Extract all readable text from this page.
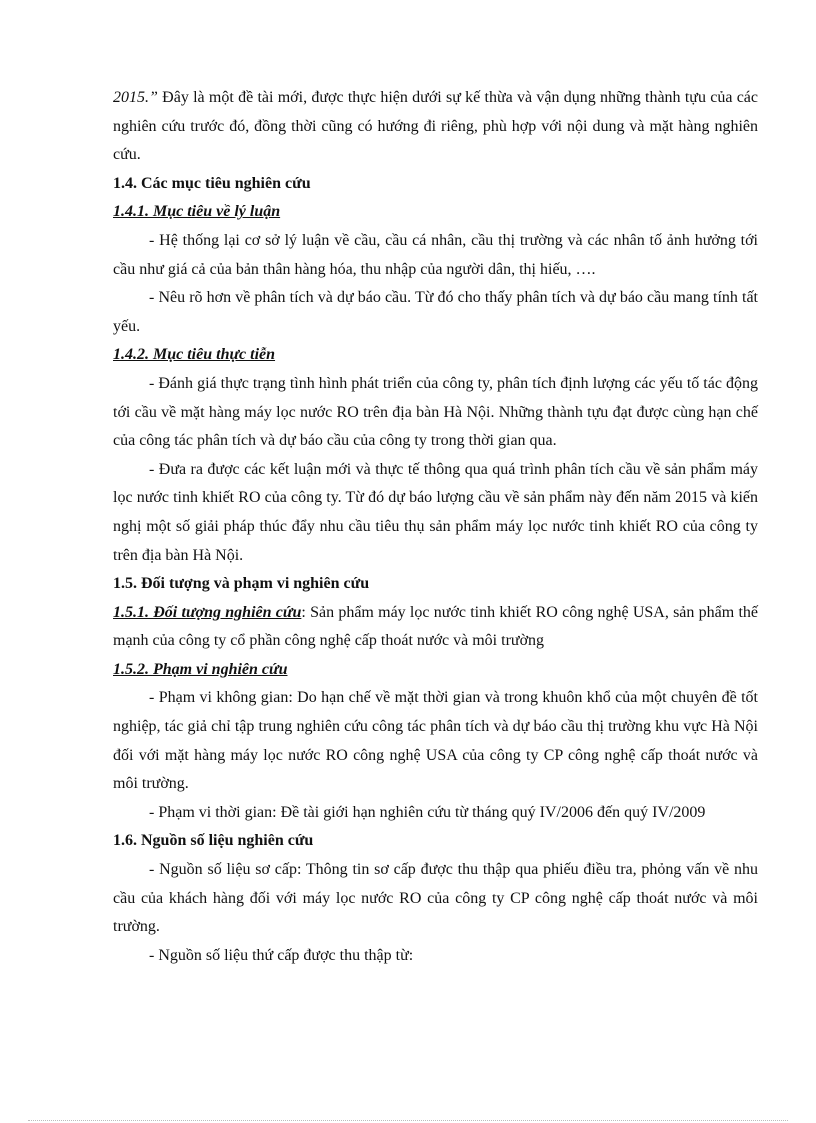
2015.” Đây là một đề tài mới, được thực hiện dưới sự kế thừa và vận dụng những thành tựu của các nghiên cứu trước đó, đồng thời cũng có hướng đi riêng, phù hợp với nội dung và mặt hàng nghiên cứu.

1.4. Các mục tiêu nghiên cứu

1.4.1. Mục tiêu về lý luận

- Hệ thống lại cơ sở lý luận về cầu, cầu cá nhân, cầu thị trường và các nhân tố ảnh hưởng tới cầu như giá cả của bản thân hàng hóa, thu nhập của người dân, thị hiếu, ….

- Nêu rõ hơn về phân tích và dự báo cầu. Từ đó cho thấy phân tích và dự báo cầu mang tính tất yếu.

1.4.2. Mục tiêu thực tiễn

- Đánh giá thực trạng tình hình phát triển của công ty, phân tích định lượng các yếu tố tác động tới cầu về mặt hàng máy lọc nước RO trên địa bàn Hà Nội. Những thành tựu đạt được cùng hạn chế của công tác phân tích và dự báo cầu của công ty trong thời gian qua.

- Đưa ra được các kết luận mới và thực tế thông qua quá trình phân tích cầu về sản phẩm máy lọc nước tinh khiết RO của công ty. Từ đó dự báo lượng cầu về sản phẩm này đến năm 2015 và kiến nghị một số giải pháp thúc đẩy nhu cầu tiêu thụ sản phẩm máy lọc nước tinh khiết RO của công ty trên địa bàn Hà Nội.

1.5. Đối tượng và phạm vi nghiên cứu

1.5.1. Đối tượng nghiên cứu: Sản phẩm máy lọc nước tinh khiết RO công nghệ USA, sản phẩm thế mạnh của công ty cổ phần công nghệ cấp thoát nước và môi trường

1.5.2. Phạm vi nghiên cứu

- Phạm vi không gian: Do hạn chế về mặt thời gian và trong khuôn khổ của một chuyên đề tốt nghiệp, tác giả chỉ tập trung nghiên cứu công tác phân tích và dự báo cầu thị trường khu vực Hà Nội đối với mặt hàng máy lọc nước RO công nghệ USA của công ty CP công nghệ cấp thoát nước và môi trường.

- Phạm vi thời gian: Đề tài giới hạn nghiên cứu từ tháng quý IV/2006 đến quý IV/2009

1.6. Nguồn số liệu nghiên cứu

- Nguồn số liệu sơ cấp: Thông tin sơ cấp được thu thập qua phiếu điều tra, phỏng vấn về nhu cầu của khách hàng đối với máy lọc nước RO của công ty CP công nghệ cấp thoát nước và môi trường.

- Nguồn số liệu thứ cấp được thu thập từ:
